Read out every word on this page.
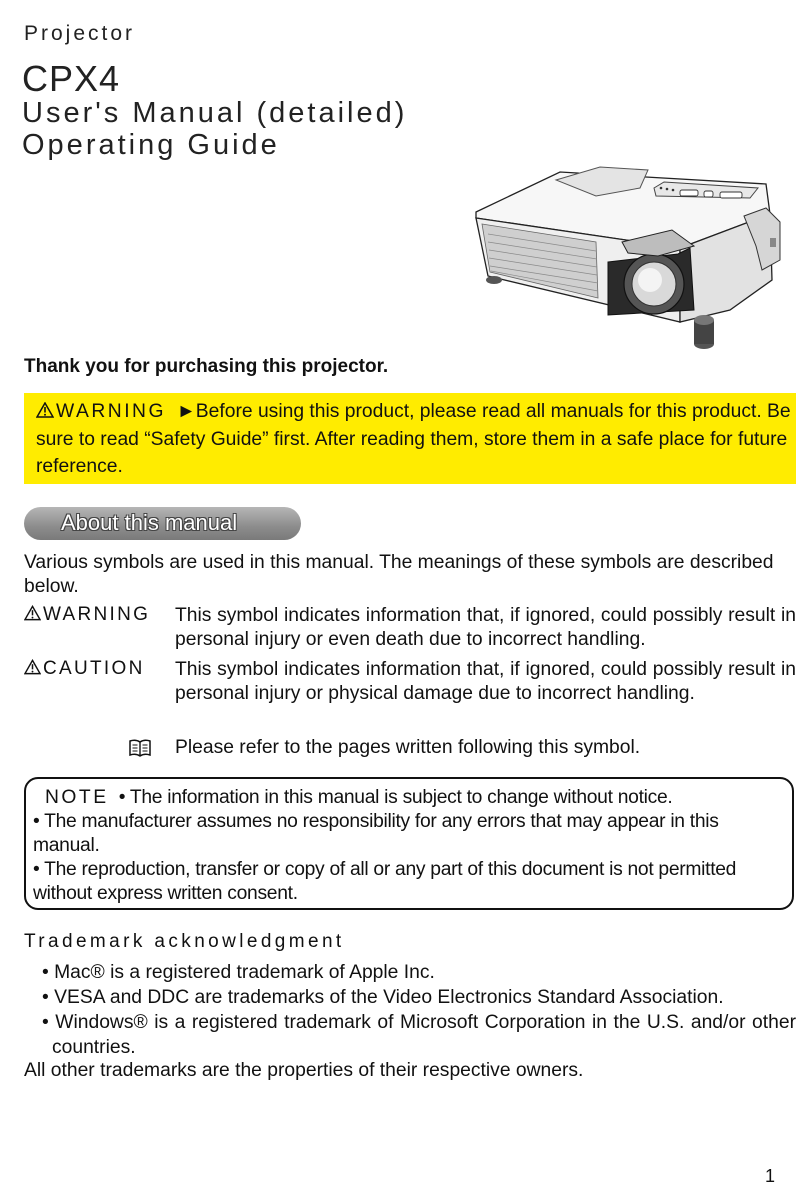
Projector
CPX4
User's Manual (detailed)
Operating Guide
Thank you for purchasing this projector.
WARNING ►Before using this product, please read all manuals for this product. Be sure to read “Safety Guide” first. After reading them, store them in a safe place for future reference.
About this manual
Various symbols are used in this manual. The meanings of these symbols are described below.
WARNING This symbol indicates information that, if ignored, could possibly result in personal injury or even death due to incorrect handling.
CAUTION This symbol indicates information that, if ignored, could possibly result in personal injury or physical damage due to incorrect handling.
Please refer to the pages written following this symbol.
NOTE • The information in this manual is subject to change without notice.
• The manufacturer assumes no responsibility for any errors that may appear in this manual.
• The reproduction, transfer or copy of all or any part of this document is not permitted without express written consent.
Trademark acknowledgment
• Mac® is a registered trademark of Apple Inc.
• VESA and DDC are trademarks of the Video Electronics Standard Association.
• Windows® is a registered trademark of Microsoft Corporation in the U.S. and/or other countries.
All other trademarks are the properties of their respective owners.
1
